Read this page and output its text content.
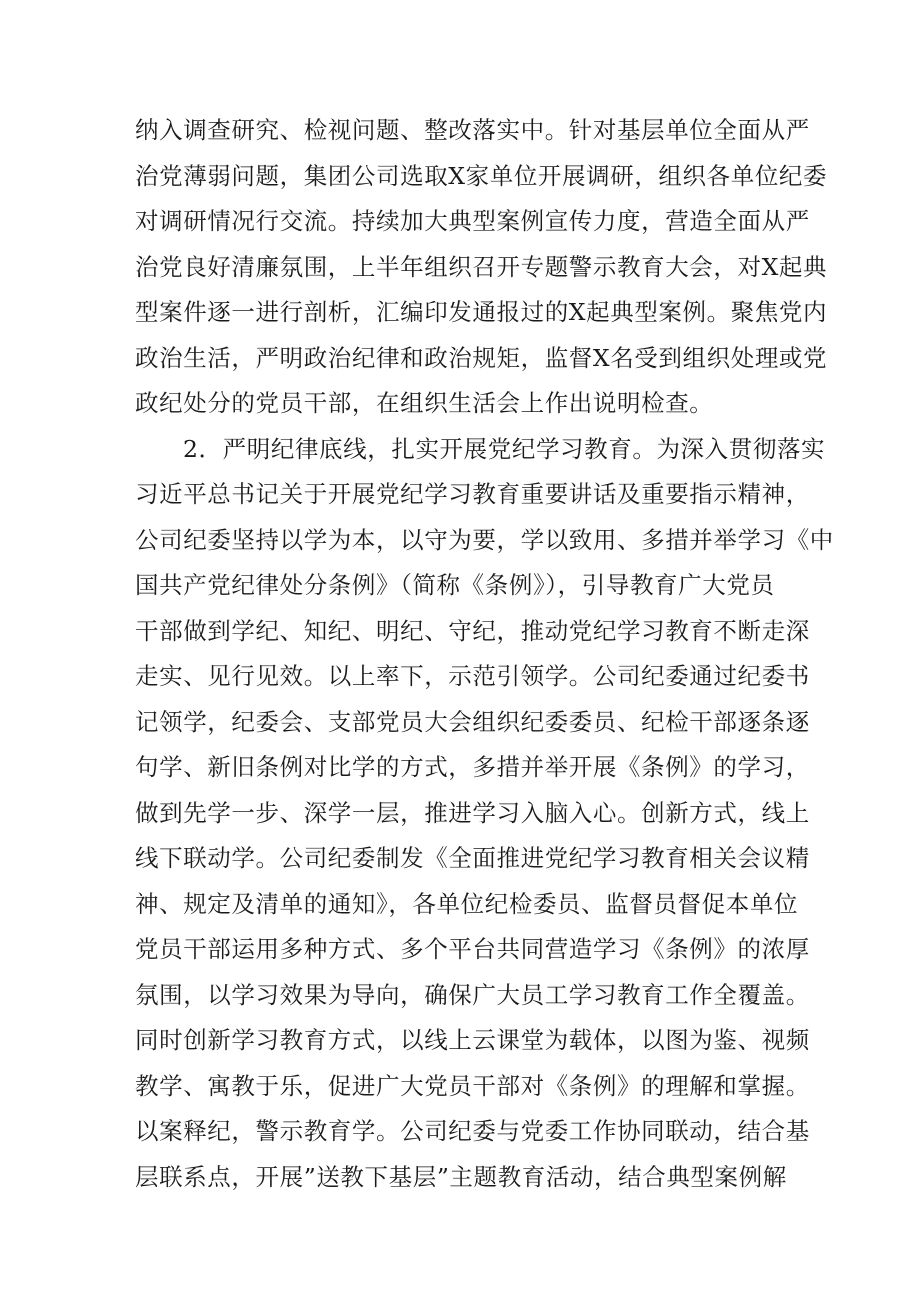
纳入调查研究、检视问题、整改落实中。针对基层单位全面从严
治党薄弱问题，集团公司选取X家单位开展调研，组织各单位纪委
对调研情况行交流。持续加大典型案例宣传力度，营造全面从严
治党良好清廉氛围，上半年组织召开专题警示教育大会，对X起典
型案件逐一进行剖析，汇编印发通报过的X起典型案例。聚焦党内
政治生活，严明政治纪律和政治规矩，监督X名受到组织处理或党
政纪处分的党员干部，在组织生活会上作出说明检查。
2．严明纪律底线，扎实开展党纪学习教育。为深入贯彻落实
习近平总书记关于开展党纪学习教育重要讲话及重要指示精神，
公司纪委坚持以学为本，以守为要，学以致用、多措并举学习《中
国共产党纪律处分条例》（简称《条例》），引导教育广大党员
干部做到学纪、知纪、明纪、守纪，推动党纪学习教育不断走深
走实、见行见效。以上率下，示范引领学。公司纪委通过纪委书
记领学，纪委会、支部党员大会组织纪委委员、纪检干部逐条逐
句学、新旧条例对比学的方式，多措并举开展《条例》的学习，
做到先学一步、深学一层，推进学习入脑入心。创新方式，线上
线下联动学。公司纪委制发《全面推进党纪学习教育相关会议精
神、规定及清单的通知》，各单位纪检委员、监督员督促本单位
党员干部运用多种方式、多个平台共同营造学习《条例》的浓厚
氛围，以学习效果为导向，确保广大员工学习教育工作全覆盖。
同时创新学习教育方式，以线上云课堂为载体，以图为鉴、视频
教学、寓教于乐，促进广大党员干部对《条例》的理解和掌握。
以案释纪，警示教育学。公司纪委与党委工作协同联动，结合基
层联系点，开展”送教下基层”主题教育活动，结合典型案例解
